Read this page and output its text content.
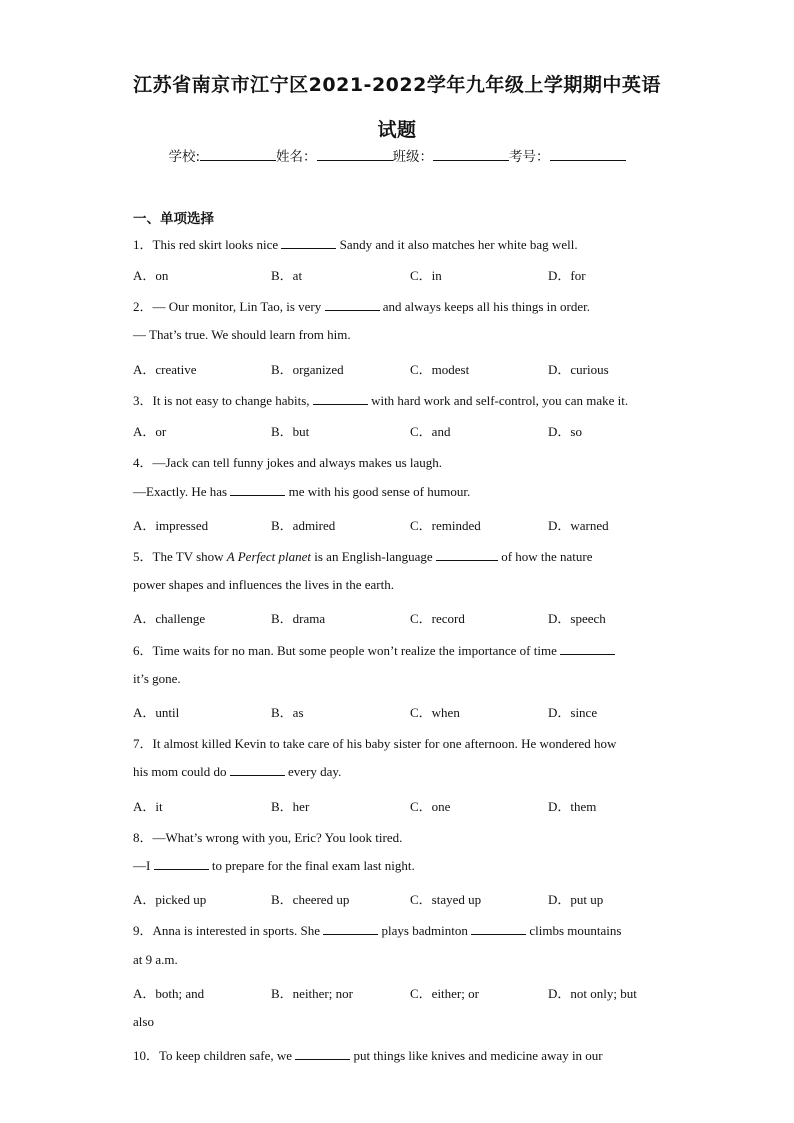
江苏省南京市江宁区2021-2022学年九年级上学期期中英语
试题
学校:	姓名：	班级：	考号：
一、单项选择
1．This red skirt looks nice	Sandy and it also matches her white bag well.
A．on	B．at	C．in	D．for
2．— Our monitor, Lin Tao, is very	and always keeps all his things in order.
— That’s true. We should learn from him.
A．creative	B．organized	C．modest	D．curious
3．It is not easy to change habits,	with hard work and self-control, you can make it.
A．or	B．but	C．and	D．so
4．—Jack can tell funny jokes and always makes us laugh.
—Exactly. He has	me with his good sense of humour.
A．impressed	B．admired	C．reminded	D．warned
5．The TV show A Perfect planet is an English-language	of how the nature
power shapes and influences the lives in the earth.
A．challenge	B．drama	C．record	D．speech
6．Time waits for no man. But some people won’t realize the importance of time
it’s gone.
A．until	B．as	C．when	D．since
7．It almost killed Kevin to take care of his baby sister for one afternoon. He wondered how
his mom could do	every day.
A．it	B．her	C．one	D．them
8．—What’s wrong with you, Eric? You look tired.
—I	to prepare for the final exam last night.
A．picked up	B．cheered up	C．stayed up	D．put up
9．Anna is interested in sports. She	plays badminton	climbs mountains
at 9 a.m.
A．both; and	B．neither; nor	C．either; or	D．not only; but
also
10．To keep children safe, we	put things like knives and medicine away in our
